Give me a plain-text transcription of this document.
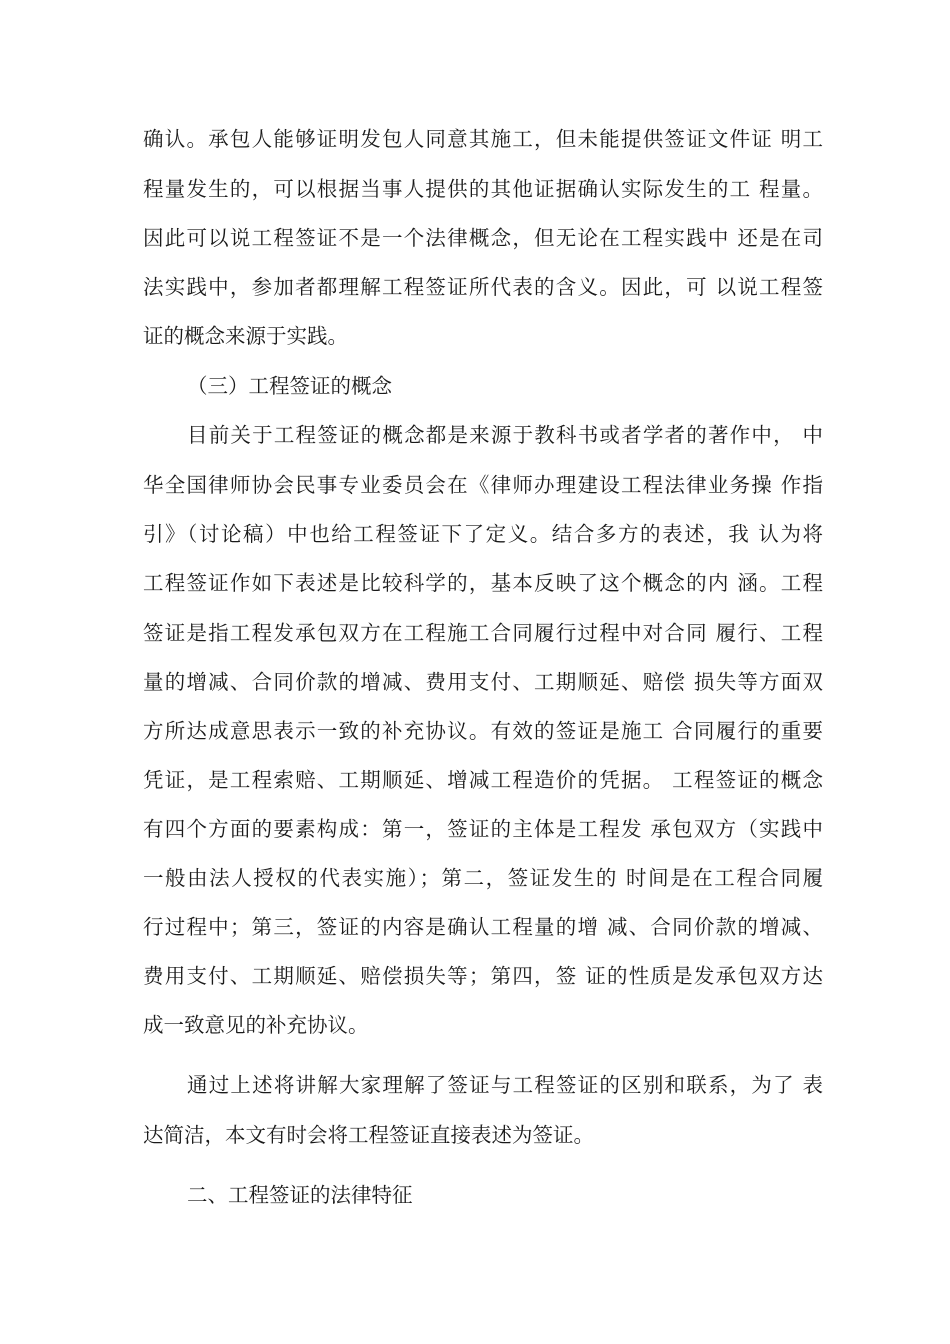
确认。承包人能够证明发包人同意其施工，但未能提供签证文件证 明工
程量发生的，可以根据当事人提供的其他证据确认实际发生的工 程量。
因此可以说工程签证不是一个法律概念，但无论在工程实践中 还是在司
法实践中，参加者都理解工程签证所代表的含义。因此，可 以说工程签
证的概念来源于实践。
（三）工程签证的概念
目前关于工程签证的概念都是来源于教科书或者学者的著作中， 中
华全国律师协会民事专业委员会在《律师办理建设工程法律业务操 作指
引》（讨论稿）中也给工程签证下了定义。结合多方的表述，我 认为将
工程签证作如下表述是比较科学的，基本反映了这个概念的内 涵。工程
签证是指工程发承包双方在工程施工合同履行过程中对合同 履行、工程
量的增减、合同价款的增减、费用支付、工期顺延、赔偿 损失等方面双
方所达成意思表示一致的补充协议。有效的签证是施工 合同履行的重要
凭证，是工程索赔、工期顺延、增减工程造价的凭据。 工程签证的概念
有四个方面的要素构成：第一，签证的主体是工程发 承包双方（实践中
一般由法人授权的代表实施）；第二，签证发生的 时间是在工程合同履
行过程中；第三，签证的内容是确认工程量的增 减、合同价款的增减、
费用支付、工期顺延、赔偿损失等；第四，签 证的性质是发承包双方达
成一致意见的补充协议。
通过上述将讲解大家理解了签证与工程签证的区别和联系，为了 表
达简洁，本文有时会将工程签证直接表述为签证。
二、工程签证的法律特征
